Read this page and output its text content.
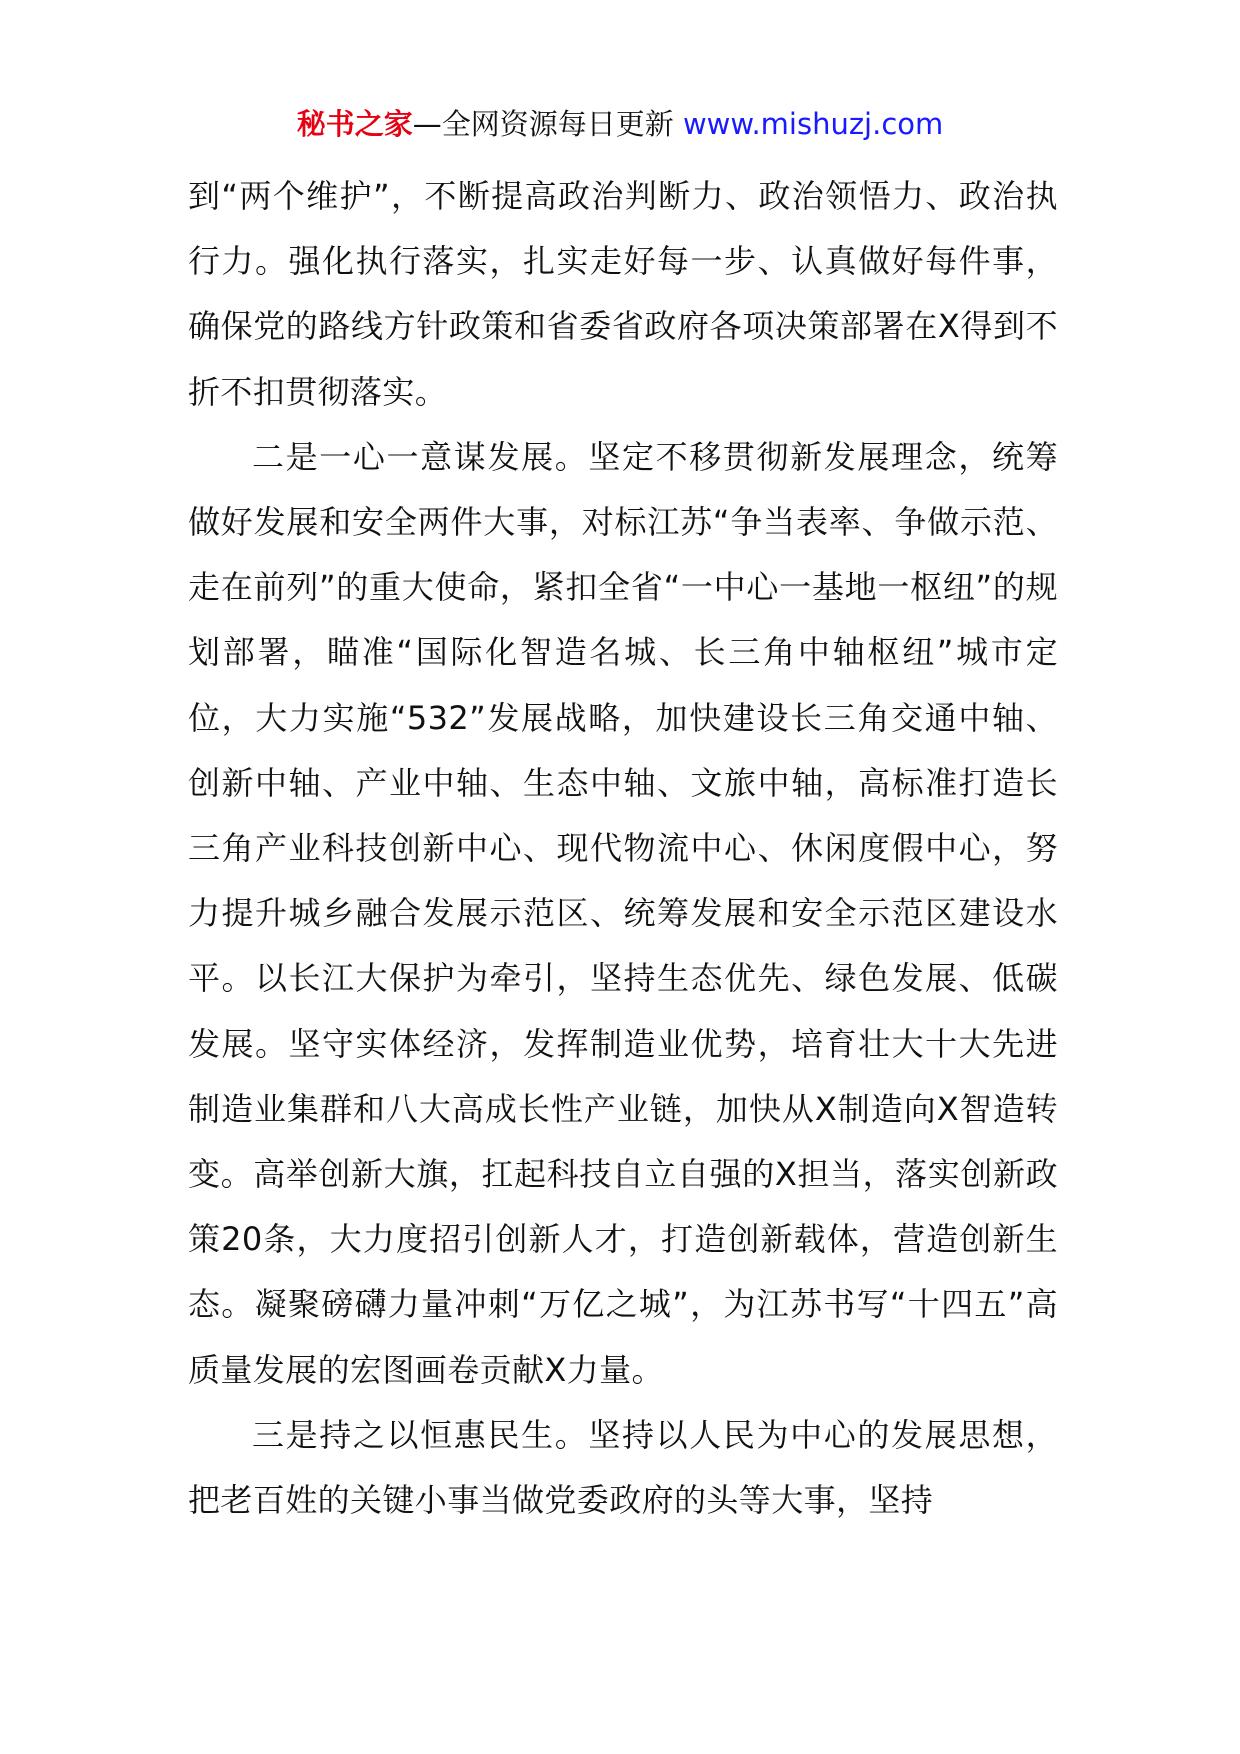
秘书之家—全网资源每日更新 www.mishuzj.com

到“两个维护”，不断提高政治判断力、政治领悟力、政治执行力。强化执行落实，扎实走好每一步、认真做好每件事，确保党的路线方针政策和省委省政府各项决策部署在X得到不折不扣贯彻落实。

二是一心一意谋发展。坚定不移贯彻新发展理念，统筹做好发展和安全两件大事，对标江苏“争当表率、争做示范、走在前列”的重大使命，紧扣全省“一中心一基地一枢纽”的规划部署，瞄准“国际化智造名城、长三角中轴枢纽”城市定位，大力实施“532”发展战略，加快建设长三角交通中轴、创新中轴、产业中轴、生态中轴、文旅中轴，高标准打造长三角产业科技创新中心、现代物流中心、休闲度假中心，努力提升城乡融合发展示范区、统筹发展和安全示范区建设水平。以长江大保护为牵引，坚持生态优先、绿色发展、低碳发展。坚守实体经济，发挥制造业优势，培育壮大十大先进制造业集群和八大高成长性产业链，加快从X制造向X智造转变。高举创新大旗，扛起科技自立自强的X担当，落实创新政策20条，大力度招引创新人才，打造创新载体，营造创新生态。凝聚磅礴力量冲刺“万亿之城”，为江苏书写“十四五”高质量发展的宏图画卷贡献X力量。

三是持之以恒惠民生。坚持以人民为中心的发展思想，把老百姓的关键小事当做党委政府的头等大事，坚持
